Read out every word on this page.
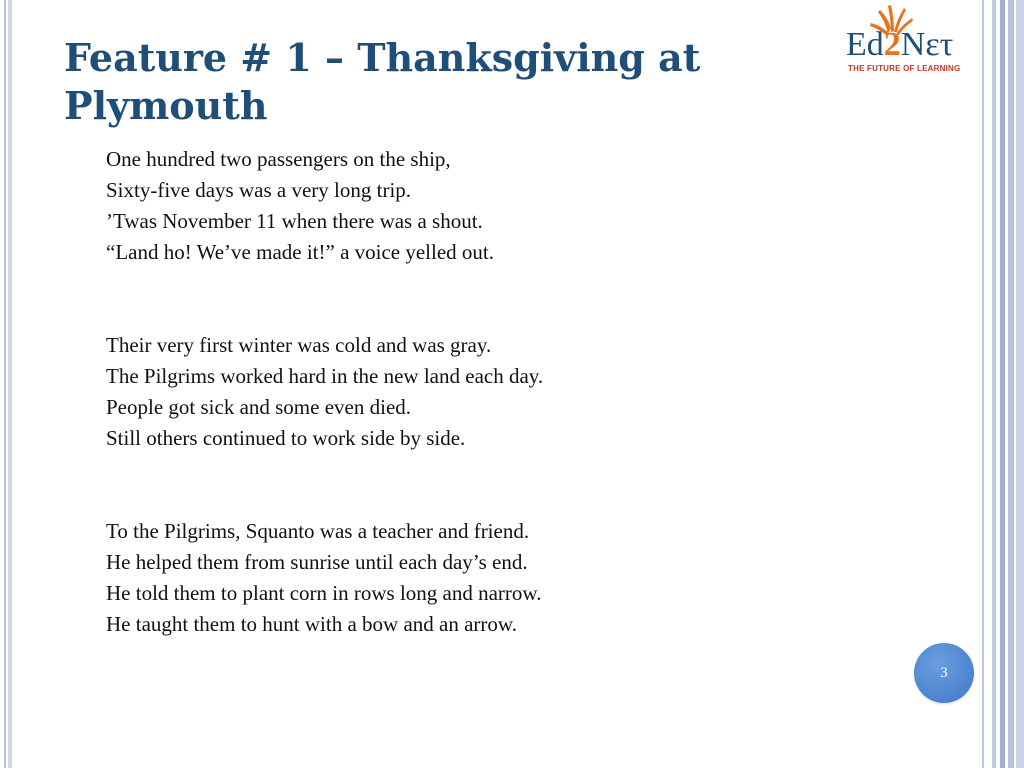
Feature # 1 – Thanksgiving at Plymouth
Ed2Nετ
THE FUTURE OF LEARNING
One hundred two passengers on the ship,
Sixty-five days was a very long trip.
’Twas November 11 when there was a shout.
“Land ho! We’ve made it!” a voice yelled out.
Their very first winter was cold and was gray.
The Pilgrims worked hard in the new land each day.
People got sick and some even died.
Still others continued to work side by side.
To the Pilgrims, Squanto was a teacher and friend.
He helped them from sunrise until each day’s end.
He told them to plant corn in rows long and narrow.
He taught them to hunt with a bow and an arrow.
3
